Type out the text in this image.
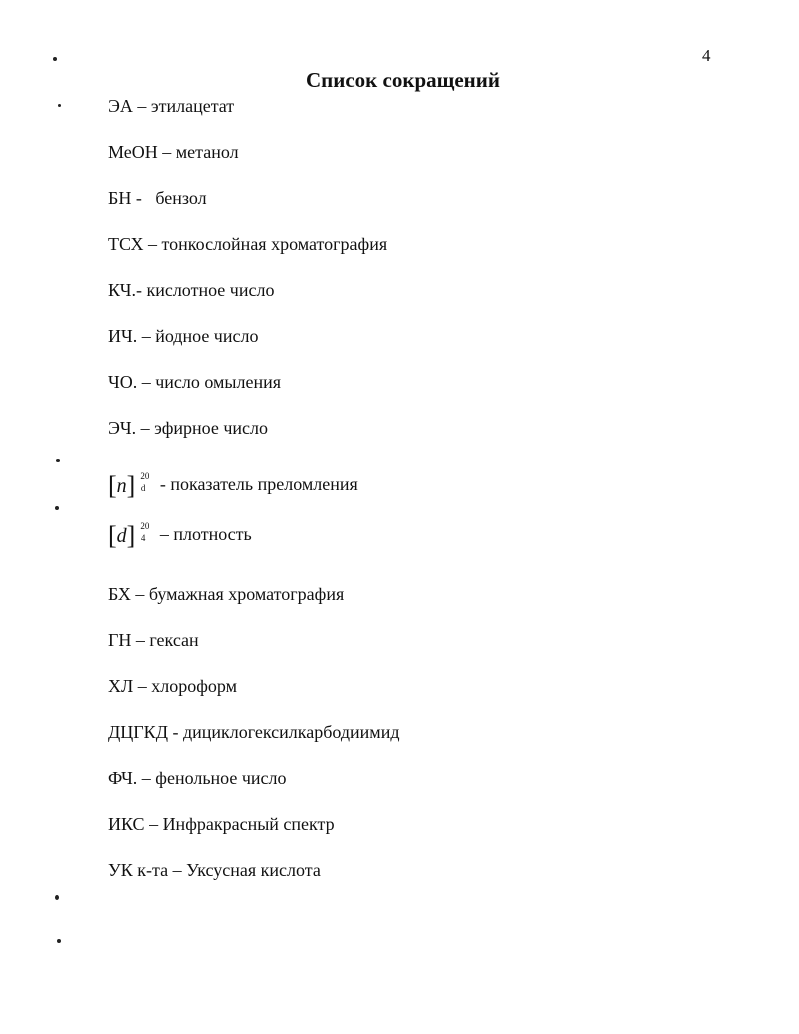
4
Список сокращений
ЭА – этилацетат
МеОН – метанол
БН -   бензол
ТСХ – тонкослойная хроматография
КЧ.- кислотное число
ИЧ. – йодное число
ЧО. – число омыления
ЭЧ. – эфирное число
[n] 20
d - показатель преломления
[d] 20
4 – плотность
БХ – бумажная хроматография
ГН – гексан
ХЛ – хлороформ
ДЦГКД - дициклогексилкарбодиимид
ФЧ. – фенольное число
ИКС – Инфракрасный спектр
УК к-та – Уксусная кислота
